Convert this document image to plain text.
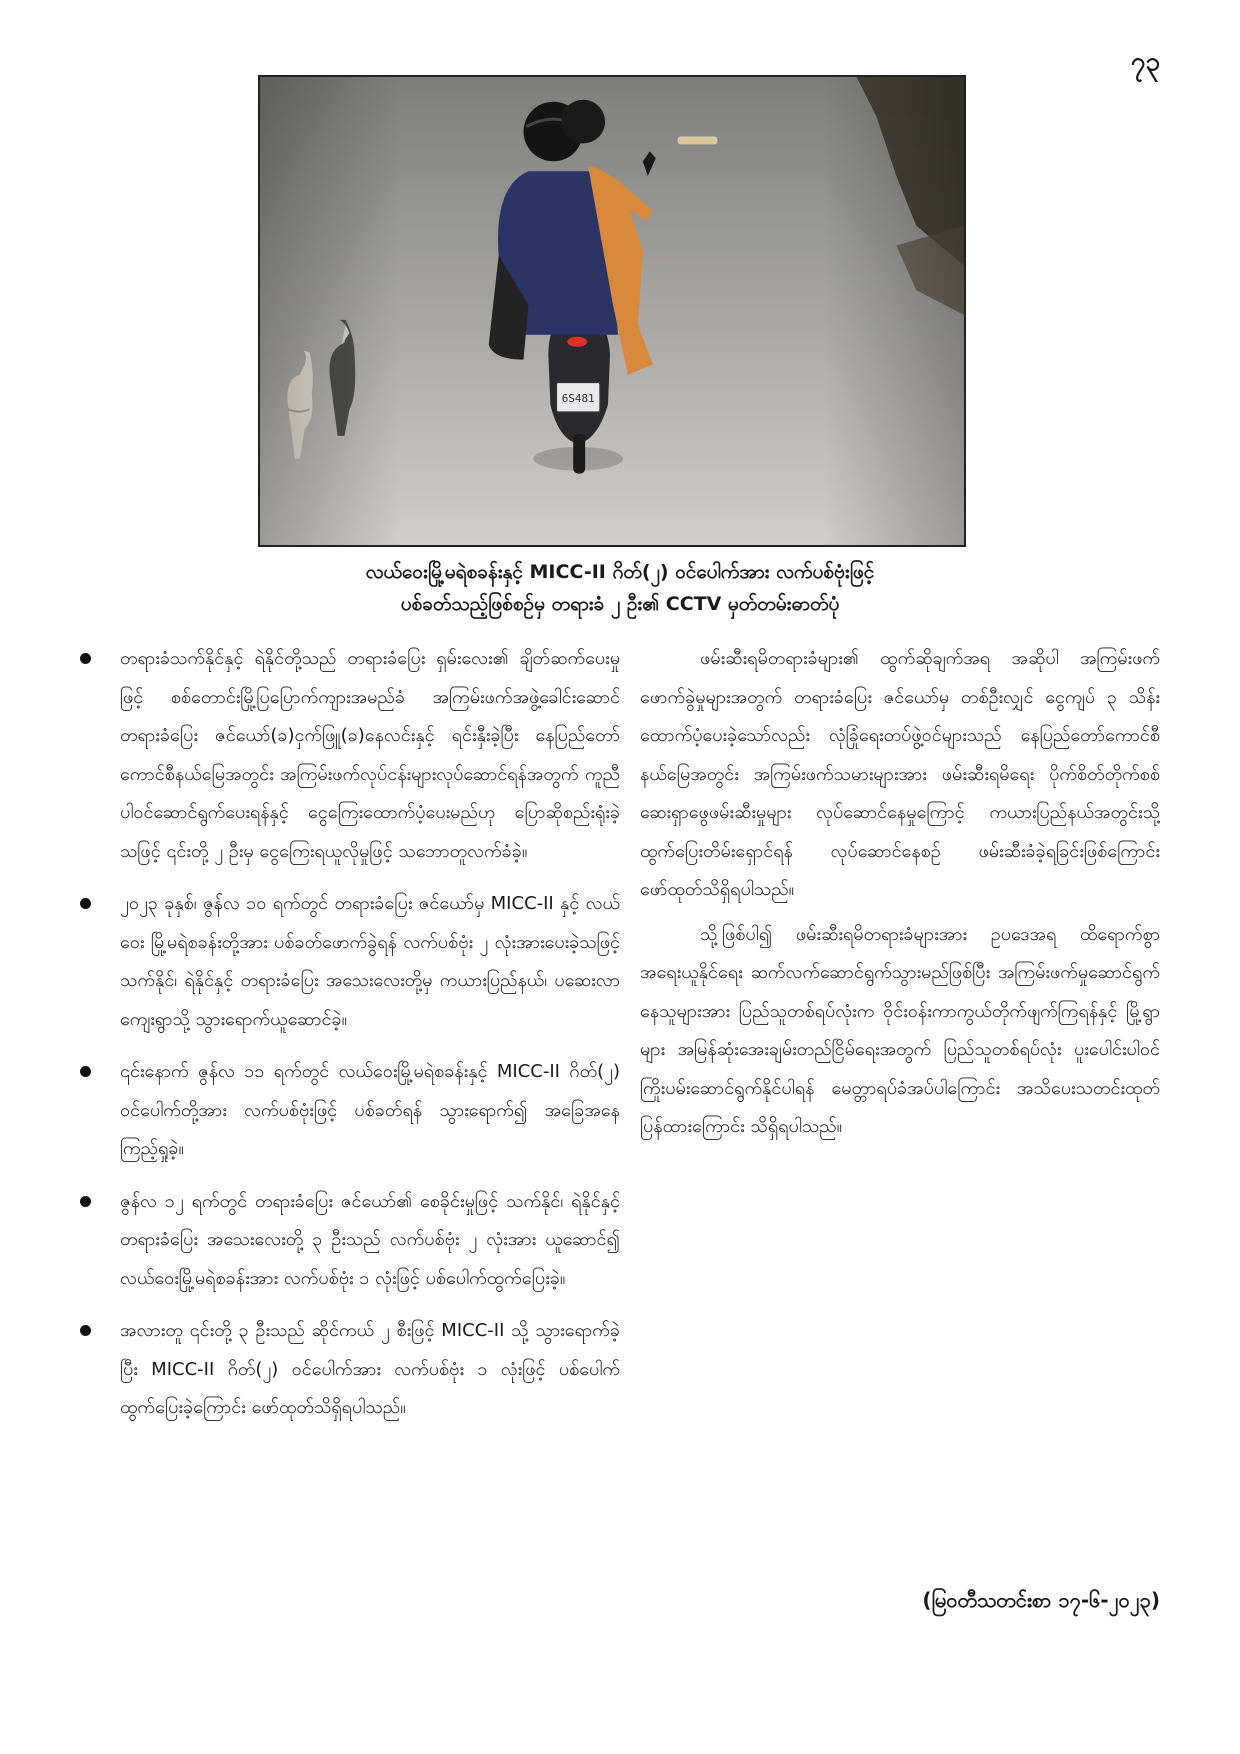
၇၃
လယ်ဝေးမြို့မရဲစခန်းနှင့် MICC-II ဂိတ်(၂) ဝင်ပေါက်အား လက်ပစ်ဗုံးဖြင့်
ပစ်ခတ်သည့်ဖြစ်စဉ်မှ တရားခံ ၂ ဦး၏ CCTV မှတ်တမ်းဓာတ်ပုံ
တရားခံသက်နိုင်နှင့် ရဲနိုင်တို့သည် တရားခံပြေး ရှမ်းလေး၏ ချိတ်ဆက်ပေးမှုဖြင့် စစ်တောင်းမြို့ပြပြောက်ကျားအမည်ခံ အကြမ်းဖက်အဖွဲ့ခေါင်းဆောင် တရားခံပြေး ဇင်ယော်(ခ)ငှက်ဖြူ(ခ)နေလင်းနှင့် ရင်းနှီးခဲ့ပြီး နေပြည်တော်ကောင်စီနယ်မြေအတွင်း အကြမ်းဖက်လုပ်ငန်းများလုပ်ဆောင်ရန်အတွက် ကူညီပါဝင်ဆောင်ရွက်ပေးရန်နှင့် ငွေကြေးထောက်ပံ့ပေးမည်ဟု ပြောဆိုစည်းရုံးခဲ့သဖြင့် ၎င်းတို့ ၂ ဦးမှ ငွေကြေးရယူလိုမှုဖြင့် သဘောတူလက်ခံခဲ့။
၂၀၂၃ ခုနှစ်၊ ဇွန်လ ၁၀ ရက်တွင် တရားခံပြေး ဇင်ယော်မှ MICC-II နှင့် လယ်ဝေး မြို့မရဲစခန်းတို့အား ပစ်ခတ်ဖောက်ခွဲရန် လက်ပစ်ဗုံး ၂ လုံးအားပေးခဲ့သဖြင့် သက်နိုင်၊ ရဲနိုင်နှင့် တရားခံပြေး အသေးလေးတို့မှ ကယားပြည်နယ်၊ ပဆေးလာ ကျေးရွာသို့ သွားရောက်ယူဆောင်ခဲ့။
၎င်းနောက် ဇွန်လ ၁၁ ရက်တွင် လယ်ဝေးမြို့မရဲစခန်းနှင့် MICC-II ဂိတ်(၂) ဝင်ပေါက်တို့အား လက်ပစ်ဗုံးဖြင့် ပစ်ခတ်ရန် သွားရောက်၍ အခြေအနေကြည့်ရှုခဲ့။
ဇွန်လ ၁၂ ရက်တွင် တရားခံပြေး ဇင်ယော်၏ စေခိုင်းမှုဖြင့် သက်နိုင်၊ ရဲနိုင်နှင့် တရားခံပြေး အသေးလေးတို့ ၃ ဦးသည် လက်ပစ်ဗုံး ၂ လုံးအား ယူဆောင်၍ လယ်ဝေးမြို့မရဲစခန်းအား လက်ပစ်ဗုံး ၁ လုံးဖြင့် ပစ်ပေါက်ထွက်ပြေးခဲ့။
အလားတူ ၎င်းတို့ ၃ ဦးသည် ဆိုင်ကယ် ၂ စီးဖြင့် MICC-II သို့ သွားရောက်ခဲ့ပြီး MICC-II ဂိတ်(၂) ဝင်ပေါက်အား လက်ပစ်ဗုံး ၁ လုံးဖြင့် ပစ်ပေါက်ထွက်ပြေးခဲ့ကြောင်း ဖော်ထုတ်သိရှိရပါသည်။

ဖမ်းဆီးရမိတရားခံများ၏ ထွက်ဆိုချက်အရ အဆိုပါ အကြမ်းဖက်ဖောက်ခွဲမှုများအတွက် တရားခံပြေး ဇင်ယော်မှ တစ်ဦးလျှင် ငွေကျပ် ၃ သိန်း ထောက်ပံ့ပေးခဲ့သော်လည်း လုံခြုံရေးတပ်ဖွဲ့ဝင်များသည် နေပြည်တော်ကောင်စီနယ်မြေအတွင်း အကြမ်းဖက်သမားများအား ဖမ်းဆီးရမိရေး ပိုက်စိတ်တိုက်စစ်ဆေးရှာဖွေဖမ်းဆီးမှုများ လုပ်ဆောင်နေမှုကြောင့် ကယားပြည်နယ်အတွင်းသို့ ထွက်ပြေးတိမ်းရှောင်ရန် လုပ်ဆောင်နေစဉ် ဖမ်းဆီးခံခဲ့ရခြင်းဖြစ်ကြောင်း ဖော်ထုတ်သိရှိရပါသည်။

သို့ဖြစ်ပါ၍ ဖမ်းဆီးရမိတရားခံများအား ဥပဒေအရ ထိရောက်စွာ အရေးယူနိုင်ရေး ဆက်လက်ဆောင်ရွက်သွားမည်ဖြစ်ပြီး အကြမ်းဖက်မှုဆောင်ရွက်နေသူများအား ပြည်သူတစ်ရပ်လုံးက ဝိုင်းဝန်းကာကွယ်တိုက်ဖျက်ကြရန်နှင့် မြို့ရွာများ အမြန်ဆုံးအေးချမ်းတည်ငြိမ်ရေးအတွက် ပြည်သူတစ်ရပ်လုံး ပူးပေါင်းပါဝင်ကြိုးပမ်းဆောင်ရွက်နိုင်ပါရန် မေတ္တာရပ်ခံအပ်ပါကြောင်း အသိပေးသတင်းထုတ်ပြန်ထားကြောင်း သိရှိရပါသည်။

(မြဝတီသတင်းစာ ၁၇-၆-၂၀၂၃)
